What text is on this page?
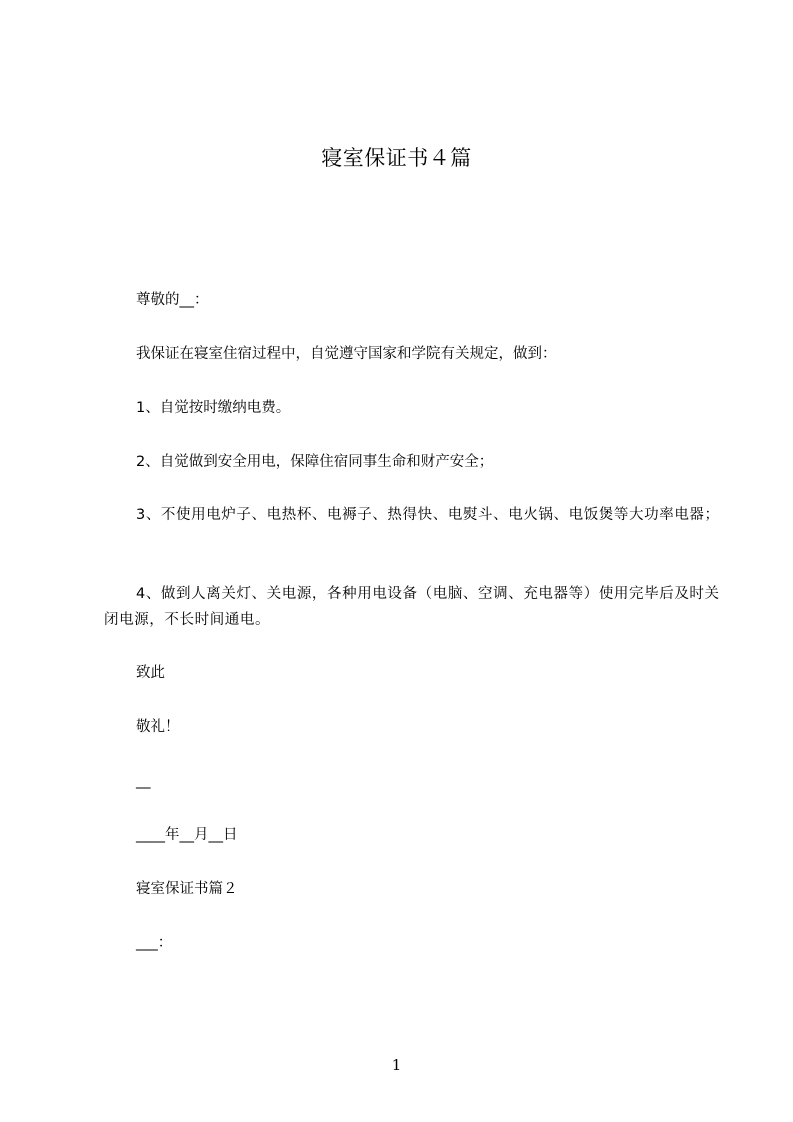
寝室保证书４篇
尊敬的__：
我保证在寝室住宿过程中，自觉遵守国家和学院有关规定，做到：
1、自觉按时缴纳电费。
2、自觉做到安全用电，保障住宿同事生命和财产安全；
3、不使用电炉子、电热杯、电褥子、热得快、电熨斗、电火锅、电饭煲等大功率电器；
4、做到人离关灯、关电源，各种用电设备（电脑、空调、充电器等）使用完毕后及时关闭电源，不长时间通电。
致此
敬礼！
__
____年__月__日
寝室保证书篇２
___：
1
